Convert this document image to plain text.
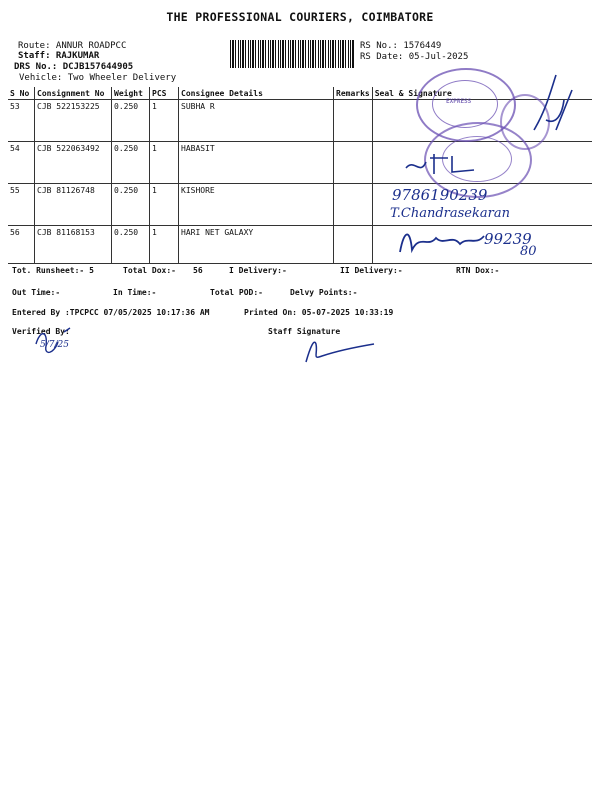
THE PROFESSIONAL COURIERS, COIMBATORE
Route: ANNUR ROADPCC
Staff: RAJKUMAR
DRS No.: DCJB157644905
Vehicle: Two Wheeler Delivery
RS No.: 1576449
RS Date: 05-Jul-2025
S No	Consignment No	Weight	PCS	Consignee Details	Remarks	Seal & Signature
53	CJB 522153225	0.250	1	SUBHA R		
54	CJB 522063492	0.250	1	HABASIT		
55	CJB 81126748	0.250	1	KISHORE		
56	CJB 81168153	0.250	1	HARI NET GALAXY		
EXPRESS
9786190239
T.Chandrasekaran
99239
80
Tot. Runsheet:- 5	Total Dox:- 56	I Delivery:-	II Delivery:-	RTN Dox:-
Out Time:-	In Time:-	Total POD:-	Delvy Points:-
Entered By :TPCPCC 07/05/2025 10:17:36 AM	Printed On: 05-07-2025 10:33:19
Verified By:	Staff Signature
5/7/25
